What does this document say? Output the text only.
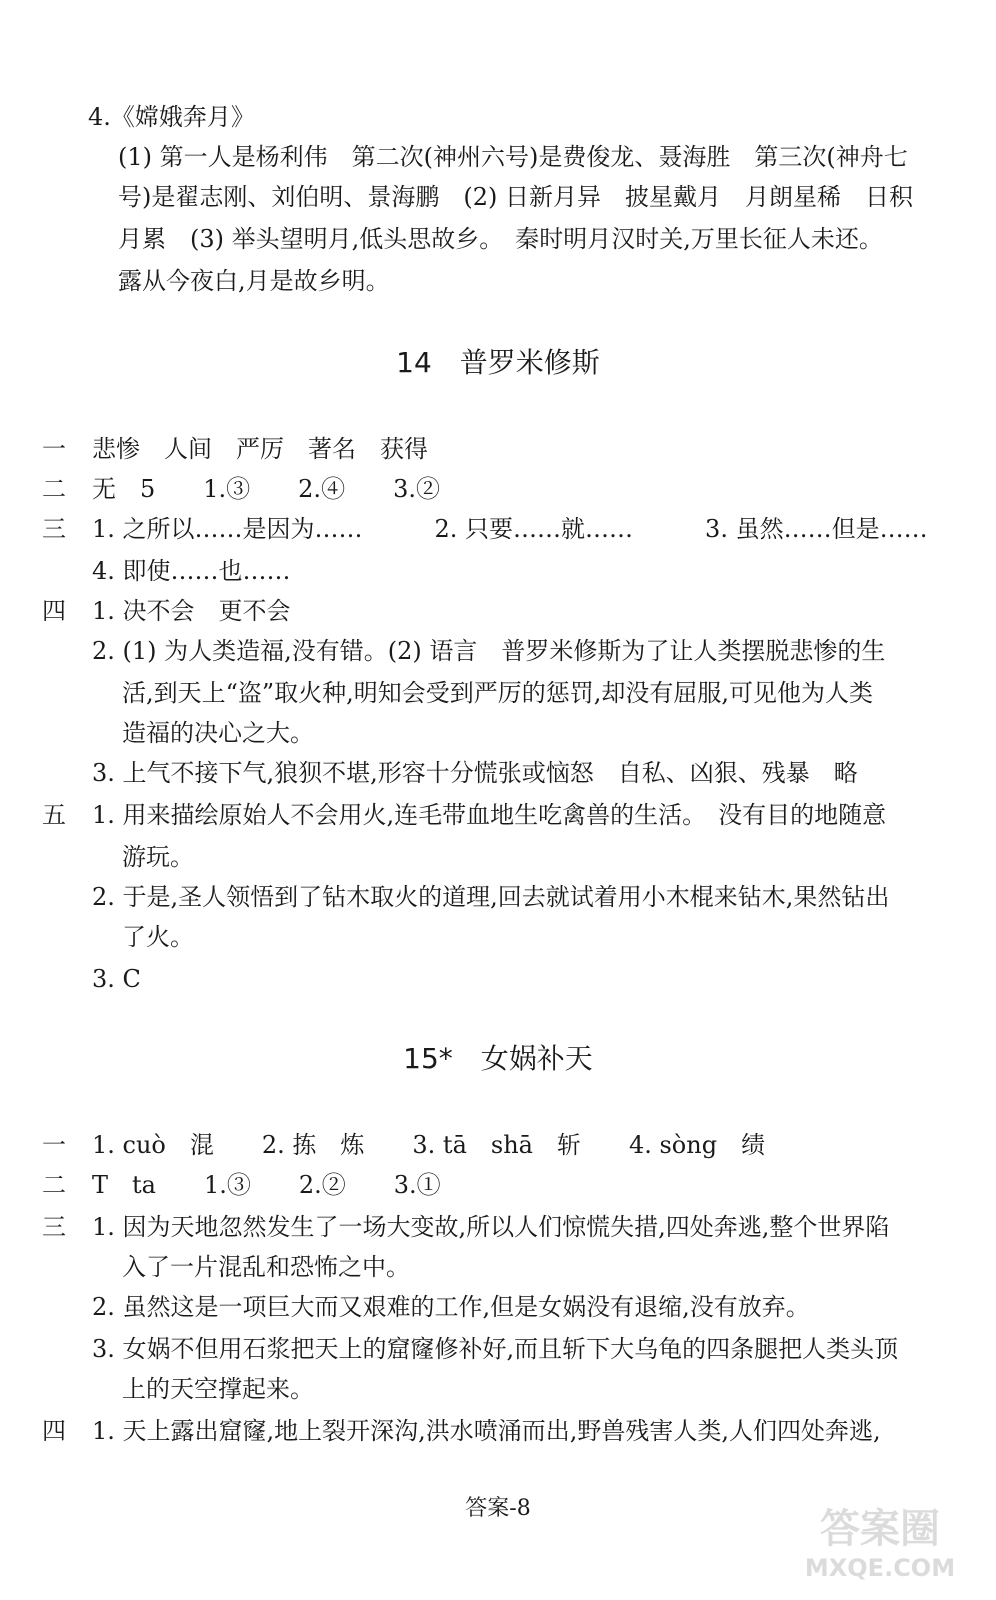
4.《嫦娥奔月》
(1) 第一人是杨利伟　第二次(神州六号)是费俊龙、聂海胜　第三次(神舟七
号)是翟志刚、刘伯明、景海鹏　(2) 日新月异　披星戴月　月朗星稀　日积
月累　(3) 举头望明月,低头思故乡。　秦时明月汉时关,万里长征人未还。
露从今夜白,月是故乡明。
14　普罗米修斯
一 悲惨　人间　严厉　著名　获得
二 无　5　　1.③　　2.④　　3.②
三 1. 之所以……是因为……　　　2. 只要……就……　　　3. 虽然……但是……
4. 即使……也……
四 1. 决不会　更不会
2. (1) 为人类造福,没有错。(2) 语言　普罗米修斯为了让人类摆脱悲惨的生
活,到天上“盗”取火种,明知会受到严厉的惩罚,却没有屈服,可见他为人类
造福的决心之大。
3. 上气不接下气,狼狈不堪,形容十分慌张或恼怒　自私、凶狠、残暴　略
五 1. 用来描绘原始人不会用火,连毛带血地生吃禽兽的生活。　没有目的地随意
游玩。
2. 于是,圣人领悟到了钻木取火的道理,回去就试着用小木棍来钻木,果然钻出
了火。
3. C
15*　女娲补天
一 1. cuò　混　　2. 拣　炼　　3. tā　shā　斩　　4. sòng　绩
二 T　ta　　1.③　　2.②　　3.①
三 1. 因为天地忽然发生了一场大变故,所以人们惊慌失措,四处奔逃,整个世界陷
入了一片混乱和恐怖之中。
2. 虽然这是一项巨大而又艰难的工作,但是女娲没有退缩,没有放弃。
3. 女娲不但用石浆把天上的窟窿修补好,而且斩下大乌龟的四条腿把人类头顶
上的天空撑起来。
四 1. 天上露出窟窿,地上裂开深沟,洪水喷涌而出,野兽残害人类,人们四处奔逃,
答案-8	答案圈
MXQE.COM
